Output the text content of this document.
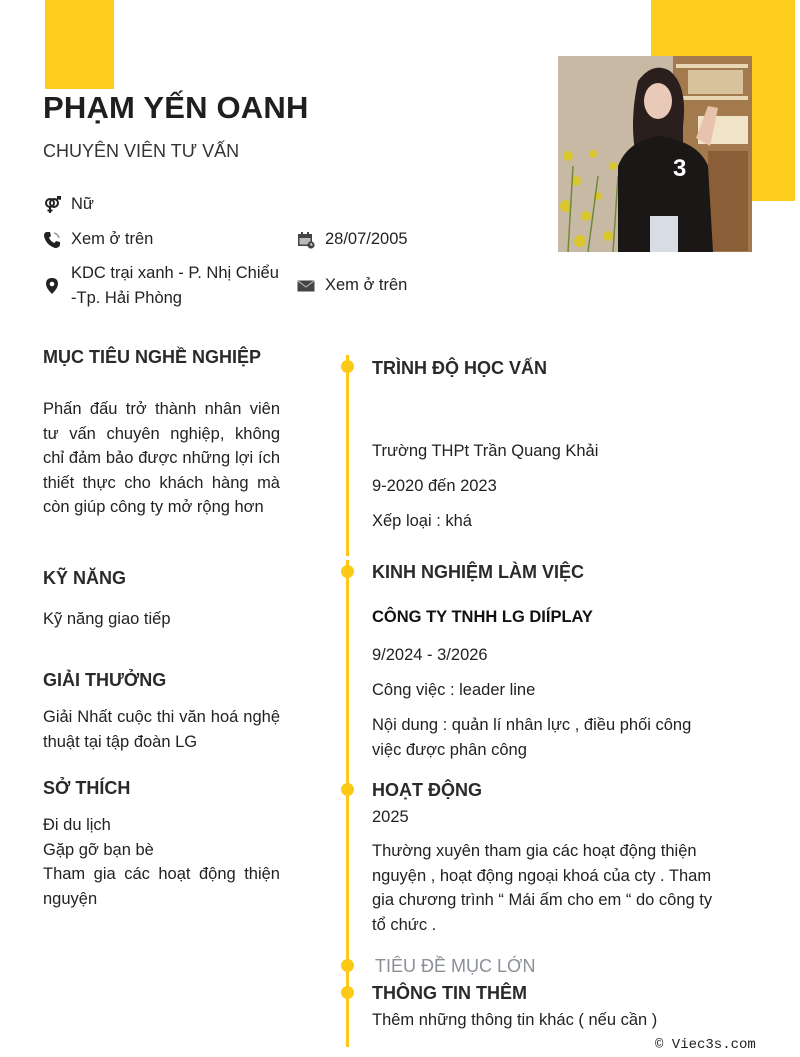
3
PHẠM YẾN OANH
CHUYÊN VIÊN TƯ VẤN
Nữ
Xem ở trên	28/07/2005
KDC trại xanh - P. Nhị Chiểu
-Tp. Hải Phòng
Xem ở trên
MỤC TIÊU NGHỀ NGHIỆP
Phấn đấu trở thành nhân viên tư vấn chuyên nghiệp, không chỉ đảm bảo được những lợi ích thiết thực cho khách hàng mà còn giúp công ty mở rộng hơn
KỸ NĂNG
Kỹ năng giao tiếp
GIẢI THƯỞNG
Giải Nhất cuộc thi văn hoá nghệ thuật tại tập đoàn LG
SỞ THÍCH
Đi du lịch
Gặp gỡ bạn bè
Tham gia các hoạt động thiện nguyện
TRÌNH ĐỘ HỌC VẤN
Trường THPt Trần Quang Khải
9-2020 đến 2023
Xếp loại : khá
KINH NGHIỆM LÀM VIỆC
CÔNG TY TNHH LG DIÍPLAY
9/2024 - 3/2026
Công việc : leader line
Nội dung : quản lí nhân lực , điều phối công việc được phân công
HOẠT ĐỘNG
2025
Thường xuyên tham gia các hoạt động thiện nguyện , hoạt động ngoại khoá của cty . Tham gia chương trình “ Mái ấm cho em “ do công ty tổ chức .
TIÊU ĐỀ MỤC LỚN
THÔNG TIN THÊM
Thêm những thông tin khác ( nếu cần )
© Viec3s.com
